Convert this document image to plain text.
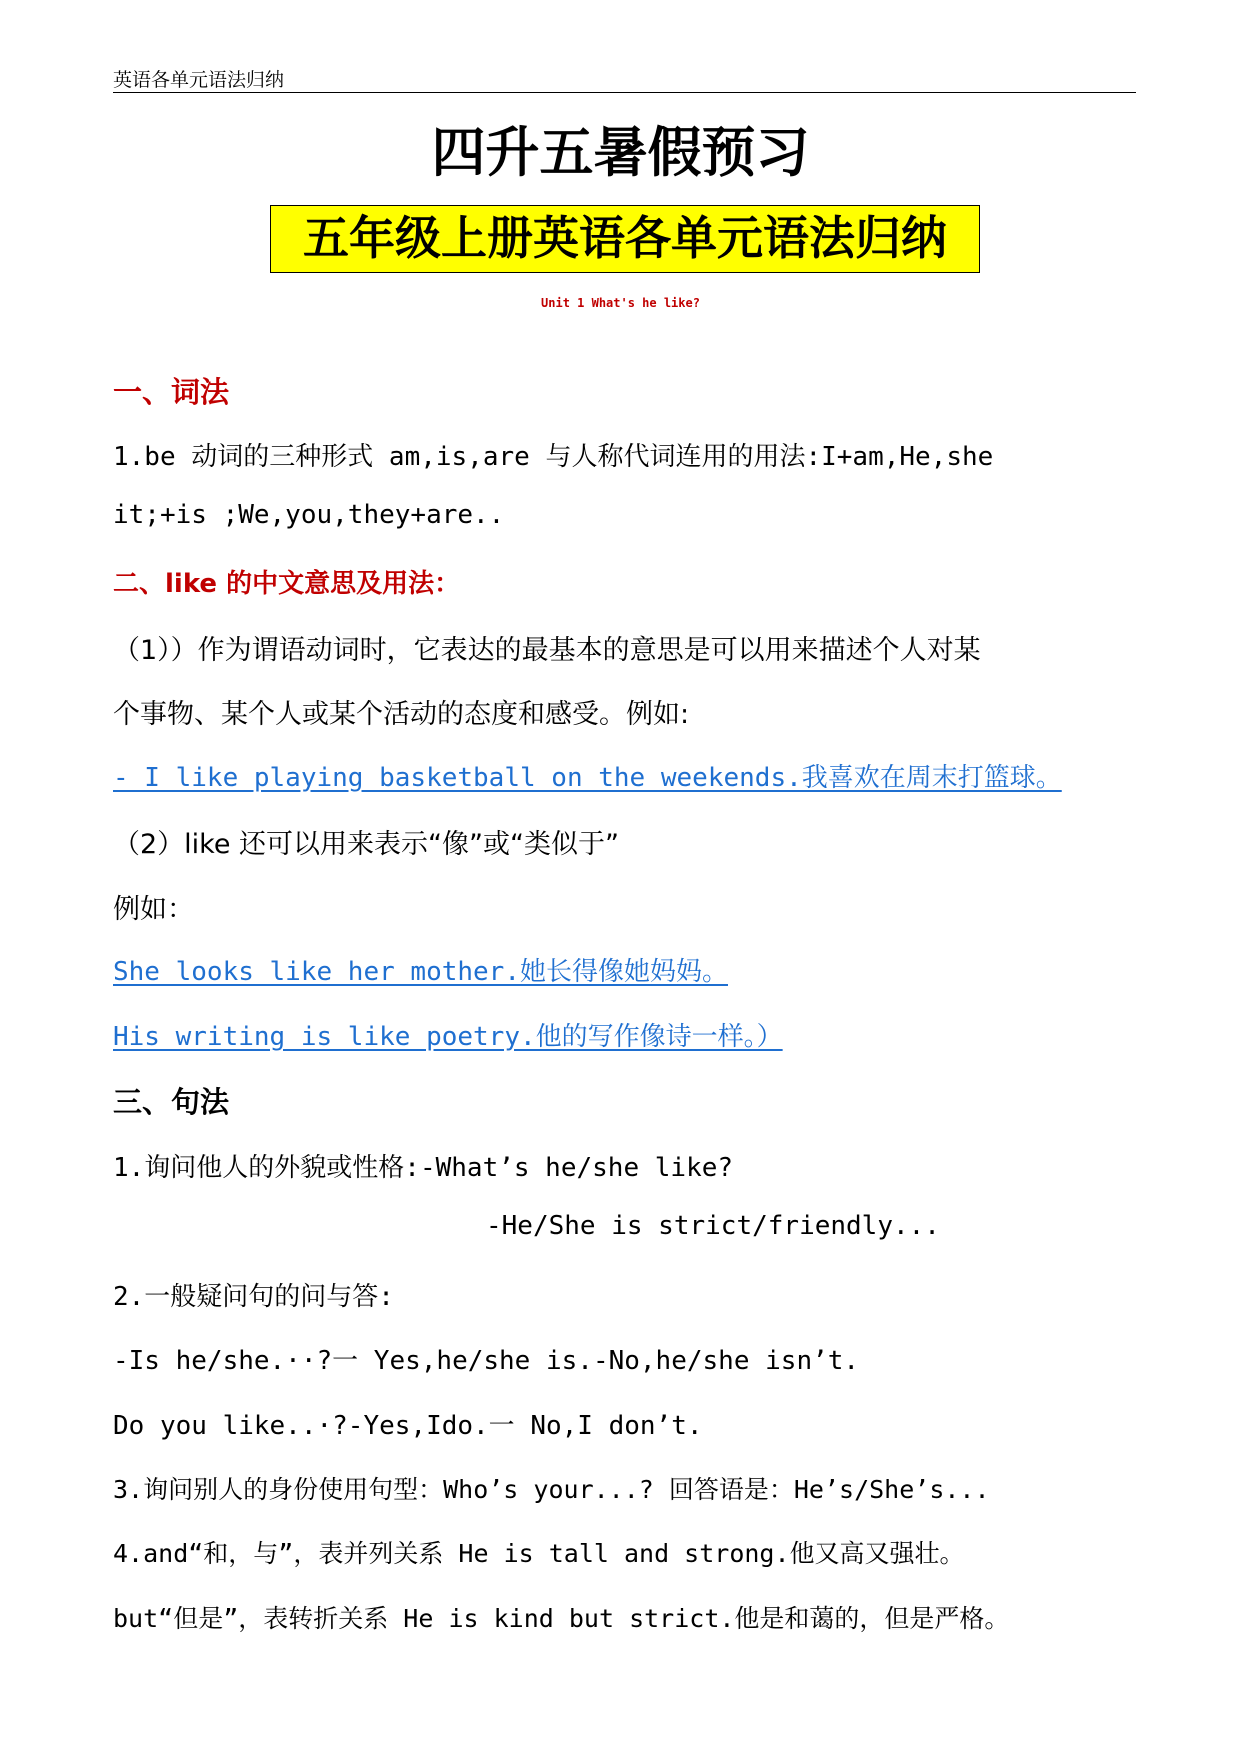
英语各单元语法归纳
四升五暑假预习
五年级上册英语各单元语法归纳
Unit 1 What's he like?
一、词法
1.be 动词的三种形式 am,is,are 与人称代词连用的用法:I+am,He,she
it;+is ;We,you,they+are..
二、like 的中文意思及用法：
（1））作为谓语动词时，它表达的最基本的意思是可以用来描述个人对某
个事物、某个人或某个活动的态度和感受。例如:
- I like playing basketball on the weekends.我喜欢在周末打篮球。
（2）like 还可以用来表示“像”或“类似于”
例如：
She looks like her mother.她长得像她妈妈。
His writing is like poetry.他的写作像诗一样。）
三、句法
1.询问他人的外貌或性格:-What’s he/she like?
-He/She is strict/friendly...
2.一般疑问句的问与答:
-Is he/she.··?一 Yes,he/she is.-No,he/she isn’t.
Do you like..·?-Yes,Ido.一 No,I don’t.
3.询问别人的身份使用句型：Who’s your...? 回答语是：He’s/She’s...
4.and“和，与”，表并列关系 He is tall and strong.他又高又强壮。
but“但是”，表转折关系 He is kind but strict.他是和蔼的，但是严格。
